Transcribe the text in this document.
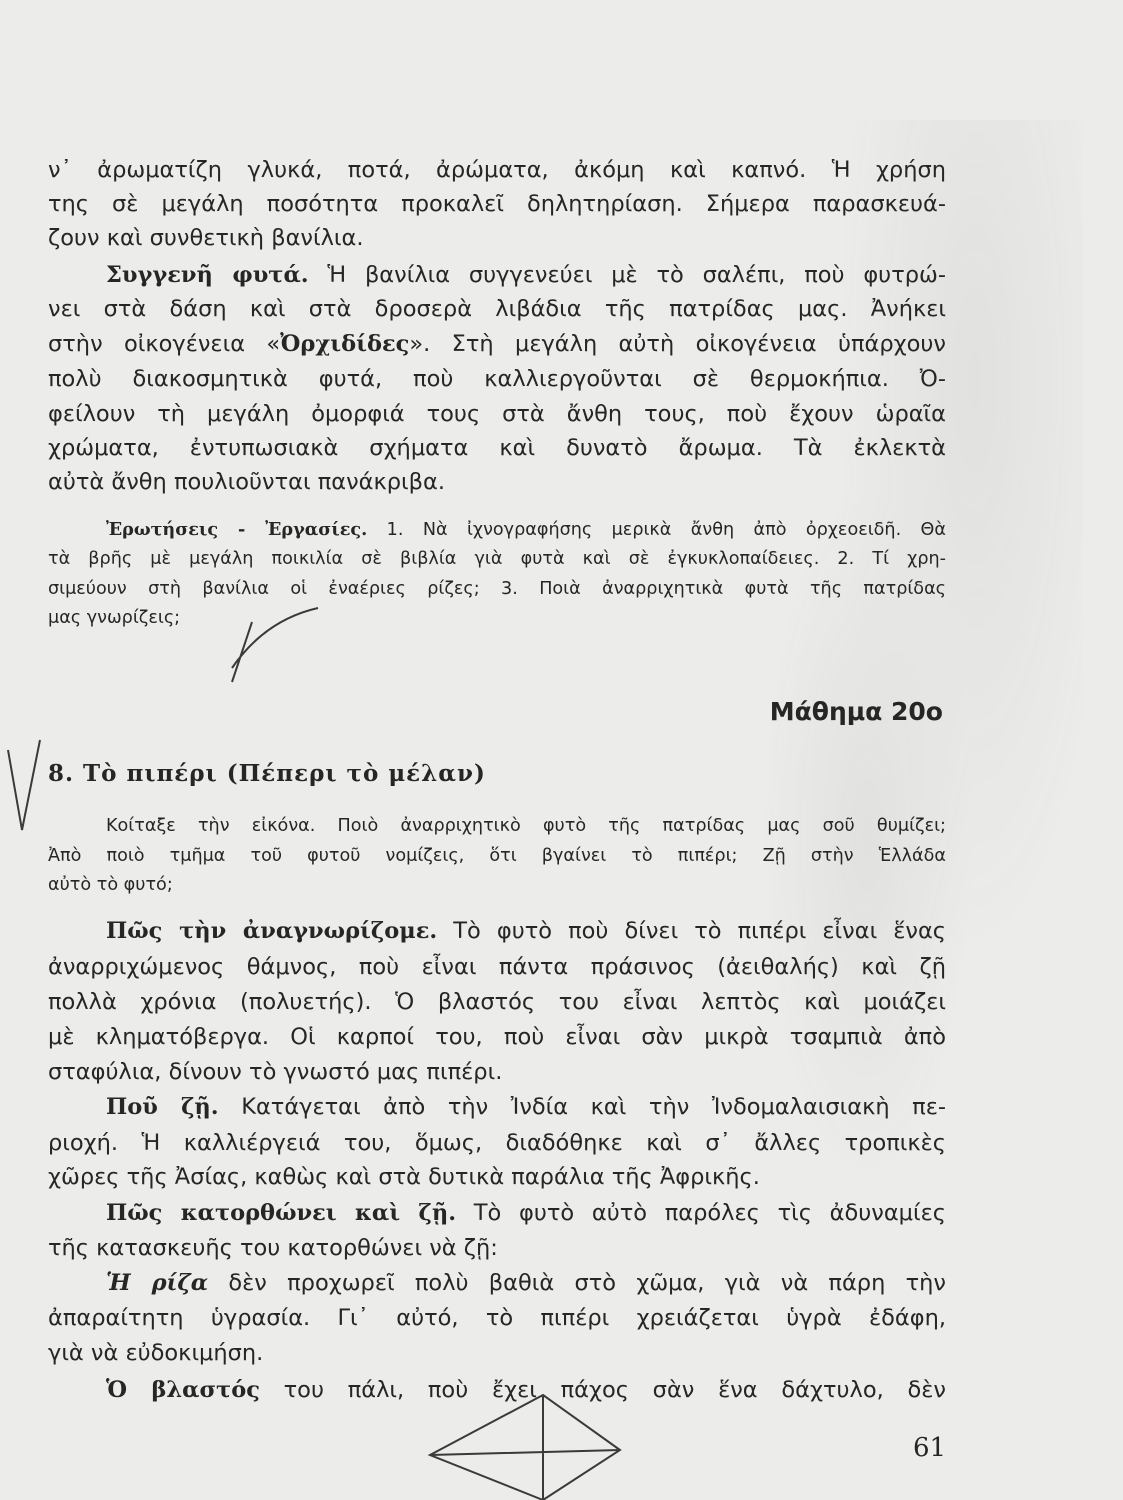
ν᾽ ἀρωματίζη γλυκά, ποτά, ἀρώματα, ἀκόμη καὶ καπνό. Ἡ χρήση
της σὲ μεγάλη ποσότητα προκαλεῖ δηλητηρίαση. Σήμερα παρασκευά-
ζουν καὶ συνθετικὴ βανίλια.
Συγγενῆ φυτά. Ἡ βανίλια συγγενεύει μὲ τὸ σαλέπι, ποὺ φυτρώ-
νει στὰ δάση καὶ στὰ δροσερὰ λιβάδια τῆς πατρίδας μας. Ἀνήκει
στὴν οἰκογένεια «Ὀρχιδίδες». Στὴ μεγάλη αὐτὴ οἰκογένεια ὑπάρχουν
πολὺ διακοσμητικὰ φυτά, ποὺ καλλιεργοῦνται σὲ θερμοκήπια. Ὀ-
φείλουν τὴ μεγάλη ὀμορφιά τους στὰ ἄνθη τους, ποὺ ἔχουν ὡραῖα
χρώματα, ἐντυπωσιακὰ σχήματα καὶ δυνατὸ ἄρωμα. Τὰ ἐκλεκτὰ
αὐτὰ ἄνθη πουλιοῦνται πανάκριβα.
Ἐρωτήσεις - Ἐργασίες. 1. Νὰ ἰχνογραφήσης μερικὰ ἄνθη ἀπὸ ὀρχεοειδῆ. Θὰ
τὰ βρῆς μὲ μεγάλη ποικιλία σὲ βιβλία γιὰ φυτὰ καὶ σὲ ἐγκυκλοπαίδειες. 2. Τί χρη-
σιμεύουν στὴ βανίλια οἱ ἐναέριες ρίζες; 3. Ποιὰ ἀναρριχητικὰ φυτὰ τῆς πατρίδας
μας γνωρίζεις;
Μάθημα 20ο
8. Τὸ πιπέρι (Πέπερι τὸ μέλαν)
Κοίταξε τὴν εἰκόνα. Ποιὸ ἀναρριχητικὸ φυτὸ τῆς πατρίδας μας σοῦ θυμίζει;
Ἀπὸ ποιὸ τμῆμα τοῦ φυτοῦ νομίζεις, ὅτι βγαίνει τὸ πιπέρι; Ζῇ στὴν Ἑλλάδα
αὐτὸ τὸ φυτό;
Πῶς τὴν ἀναγνωρίζομε. Τὸ φυτὸ ποὺ δίνει τὸ πιπέρι εἶναι ἕνας
ἀναρριχώμενος θάμνος, ποὺ εἶναι πάντα πράσινος (ἀειθαλής) καὶ ζῇ
πολλὰ χρόνια (πολυετής). Ὁ βλαστός του εἶναι λεπτὸς καὶ μοιάζει
μὲ κληματόβεργα. Οἱ καρποί του, ποὺ εἶναι σὰν μικρὰ τσαμπιὰ ἀπὸ
σταφύλια, δίνουν τὸ γνωστό μας πιπέρι.
Ποῦ ζῇ. Κατάγεται ἀπὸ τὴν Ἰνδία καὶ τὴν Ἰνδομαλαισιακὴ πε-
ριοχή. Ἡ καλλιέργειά του, ὅμως, διαδόθηκε καὶ σ᾽ ἄλλες τροπικὲς
χῶρες τῆς Ἀσίας, καθὼς καὶ στὰ δυτικὰ παράλια τῆς Ἀφρικῆς.
Πῶς κατορθώνει καὶ ζῇ. Τὸ φυτὸ αὐτὸ παρόλες τὶς ἀδυναμίες
τῆς κατασκευῆς του κατορθώνει νὰ ζῇ:
Ἡ ρίζα δὲν προχωρεῖ πολὺ βαθιὰ στὸ χῶμα, γιὰ νὰ πάρη τὴν
ἀπαραίτητη ὑγρασία. Γι᾽ αὐτό, τὸ πιπέρι χρειάζεται ὑγρὰ ἐδάφη,
γιὰ νὰ εὐδοκιμήση.
Ὁ βλαστός του πάλι, ποὺ ἔχει πάχος σὰν ἕνα δάχτυλο, δὲν
61
